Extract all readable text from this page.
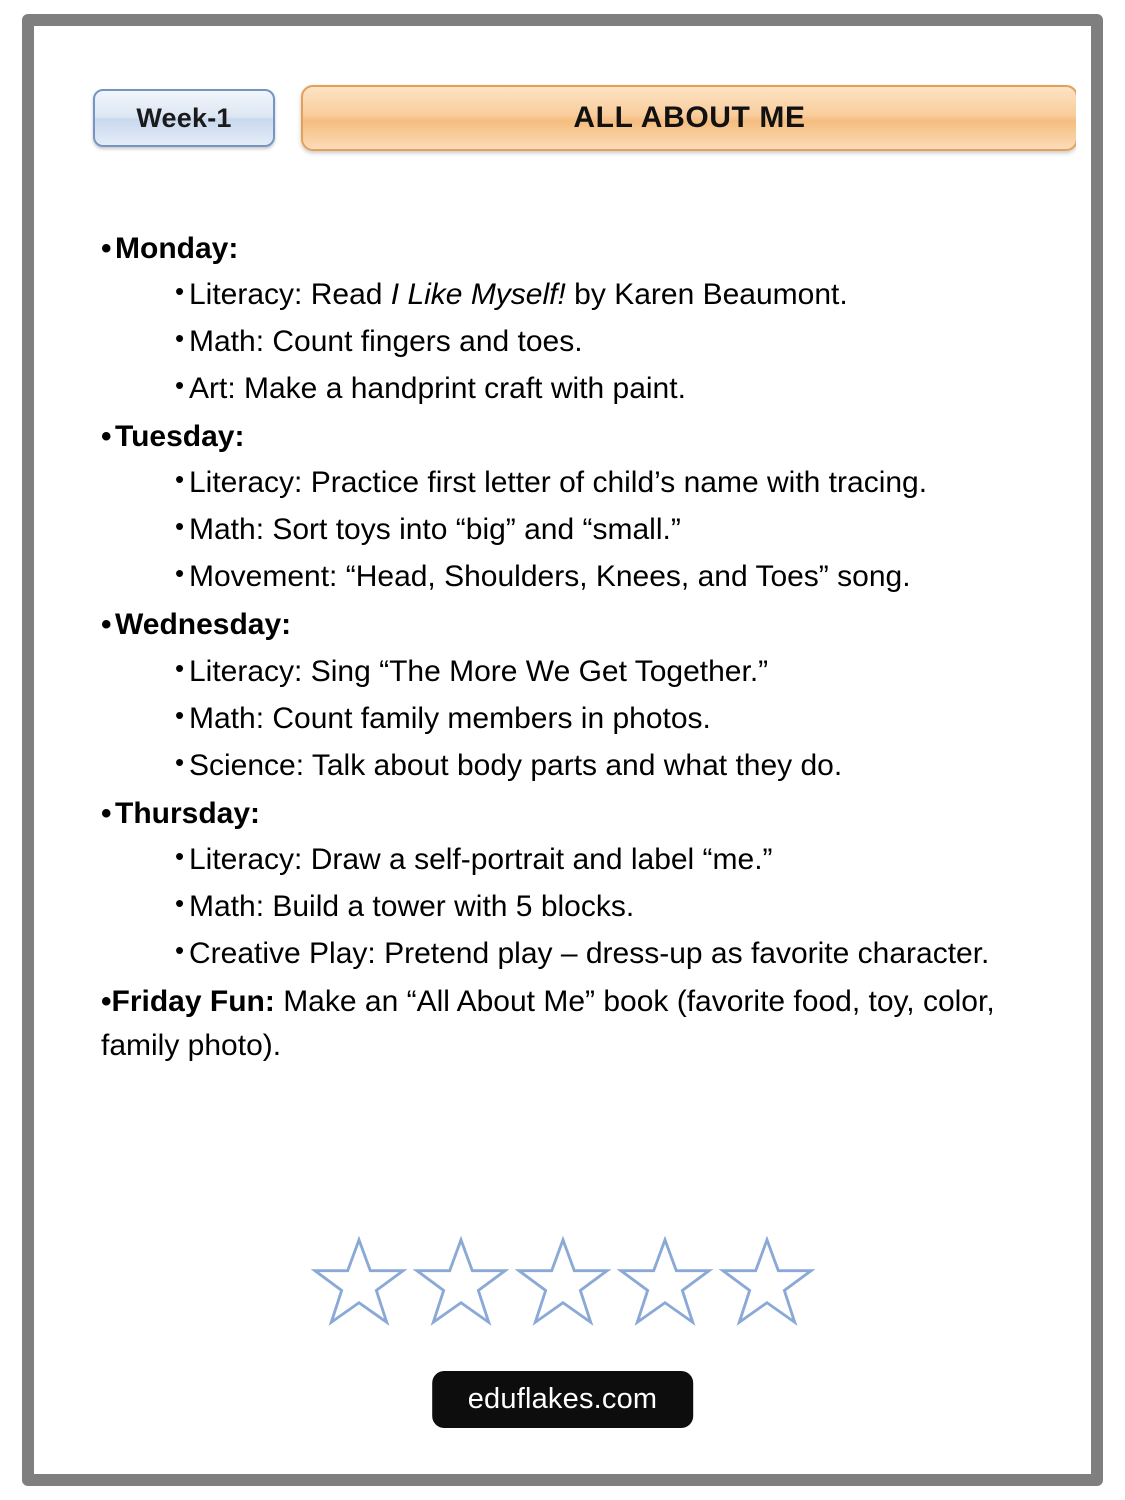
Week-1	ALL ABOUT ME
• Monday:
• Literacy: Read I Like Myself! by Karen Beaumont.
• Math: Count fingers and toes.
• Art: Make a handprint craft with paint.
• Tuesday:
• Literacy: Practice first letter of child’s name with tracing.
• Math: Sort toys into “big” and “small.”
• Movement: “Head, Shoulders, Knees, and Toes” song.
• Wednesday:
• Literacy: Sing “The More We Get Together.”
• Math: Count family members in photos.
• Science: Talk about body parts and what they do.
• Thursday:
• Literacy: Draw a self-portrait and label “me.”
• Math: Build a tower with 5 blocks.
• Creative Play: Pretend play – dress-up as favorite character.
•Friday Fun: Make an “All About Me” book (favorite food, toy, color, family photo).
eduflakes.com
